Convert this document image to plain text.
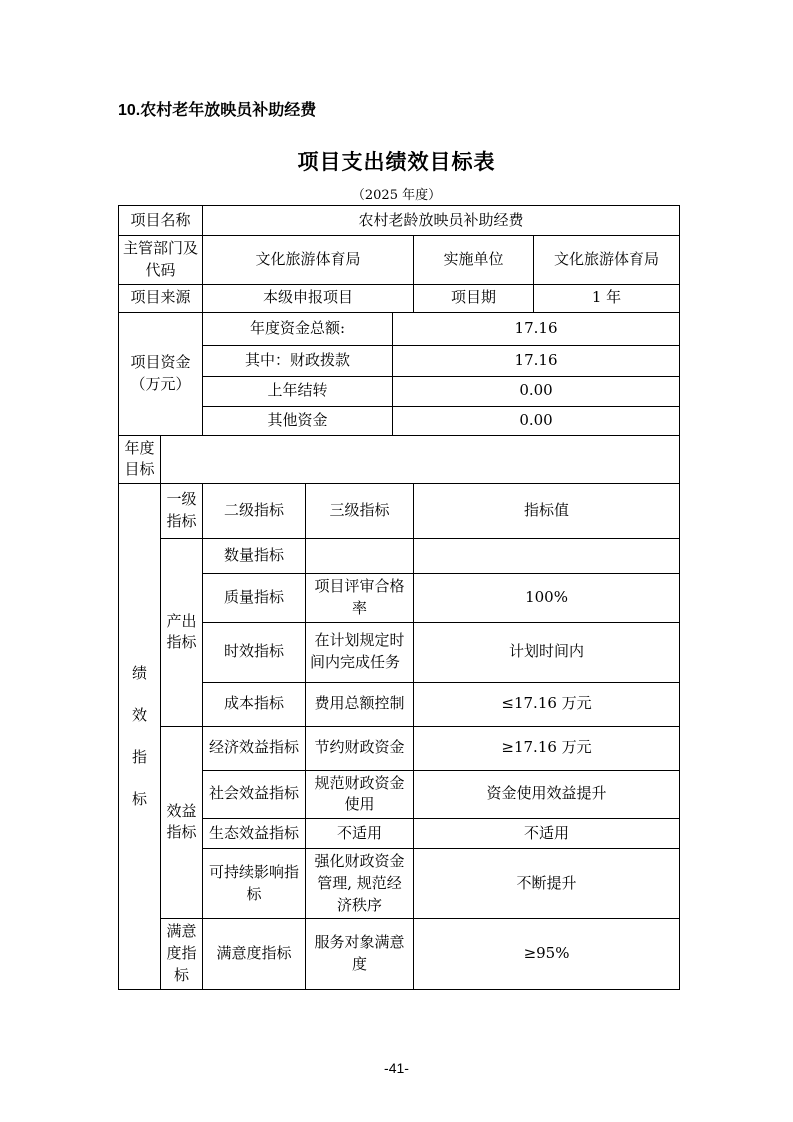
10.农村老年放映员补助经费
项目支出绩效目标表
（2025 年度）
项目名称		农村老龄放映员补助经费				
主管部门及代码		文化旅游体育局			实施单位	文化旅游体育局
项目来源		本级申报项目			项目期	1 年
项目资金（万元）		年度资金总额:		17.16		
		其中：财政拨款		17.16		
		上年结转		0.00		
		其他资金		0.00		
年度目标						
绩效指标	一级指标	二级指标	三级指标		指标值	
	产出指标	数量指标				
		质量指标	项目评审合格率		100%	
		时效指标	在计划规定时间内完成任务		计划时间内	
		成本指标	费用总额控制		≤17.16 万元	
	效益指标	经济效益指标	节约财政资金		≥17.16 万元	
		社会效益指标	规范财政资金使用		资金使用效益提升	
		生态效益指标	不适用		不适用	
		可持续影响指标	强化财政资金管理, 规范经济秩序		不断提升	
	满意度指标	满意度指标	服务对象满意度		≥95%	
-41-
